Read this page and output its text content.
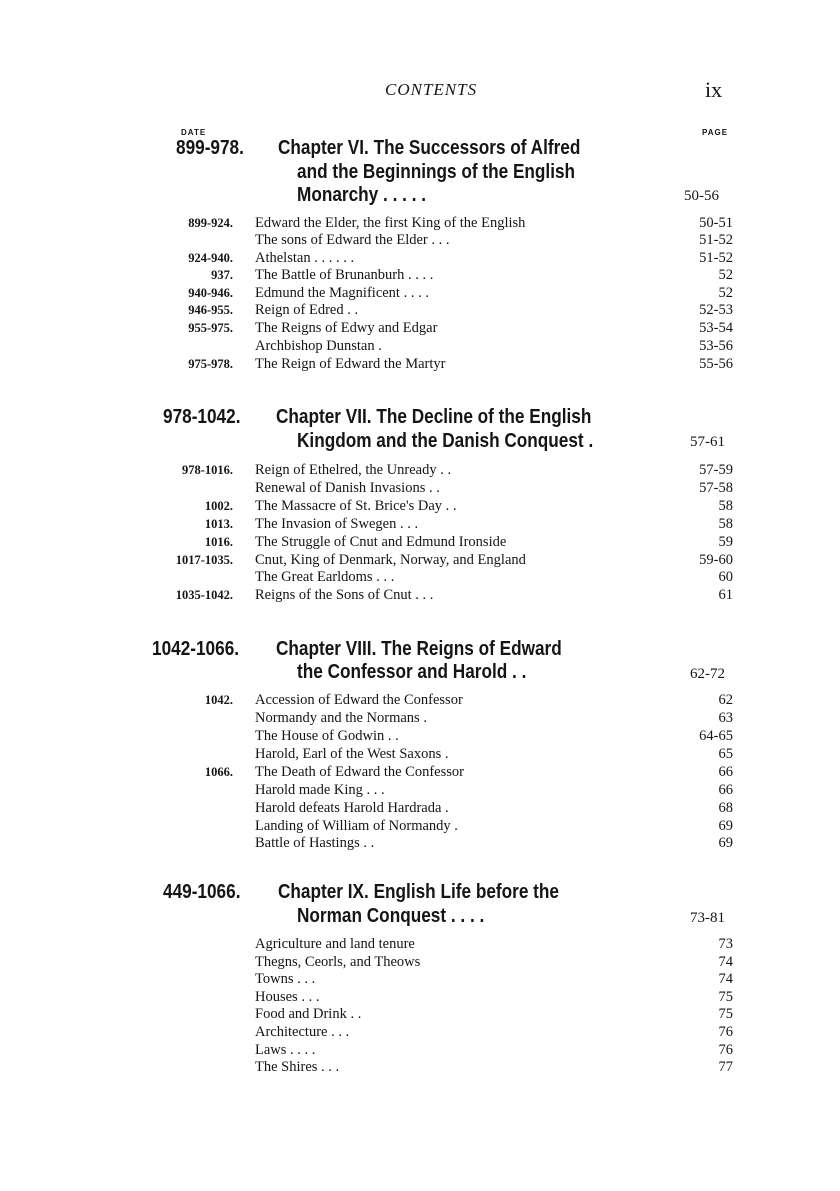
CONTENTS	ix
DATE	PAGE
899-978. Chapter VI. The Successors of Alfred
and the Beginnings of the English
Monarchy . . . . .	50-56
899-924. Edward the Elder, the first King of the English	50-51
The sons of Edward the Elder . . .	51-52
924-940. Athelstan . . . . . .	51-52
937. The Battle of Brunanburh . . . .	52
940-946. Edmund the Magnificent . . . .	52
946-955. Reign of Edred . .	52-53
955-975. The Reigns of Edwy and Edgar	53-54
Archbishop Dunstan .	53-56
975-978. The Reign of Edward the Martyr	55-56
978-1042. Chapter VII. The Decline of the English
Kingdom and the Danish Conquest .	57-61
978-1016. Reign of Ethelred, the Unready . .	57-59
Renewal of Danish Invasions . .	57-58
1002. The Massacre of St. Brice's Day . .	58
1013. The Invasion of Swegen . . .	58
1016. The Struggle of Cnut and Edmund Ironside	59
1017-1035. Cnut, King of Denmark, Norway, and England	59-60
The Great Earldoms . . .	60
1035-1042. Reigns of the Sons of Cnut . . .	61
1042-1066. Chapter VIII. The Reigns of Edward
the Confessor and Harold . .	62-72
1042. Accession of Edward the Confessor	62
Normandy and the Normans .	63
The House of Godwin . .	64-65
Harold, Earl of the West Saxons .	65
1066. The Death of Edward the Confessor	66
Harold made King . . .	66
Harold defeats Harold Hardrada .	68
Landing of William of Normandy .	69
Battle of Hastings . .	69
449-1066. Chapter IX. English Life before the
Norman Conquest . . . .	73-81
Agriculture and land tenure	73
Thegns, Ceorls, and Theows	74
Towns . . .	74
Houses . . .	75
Food and Drink . .	75
Architecture . . .	76
Laws . . . .	76
The Shires . . .	77
